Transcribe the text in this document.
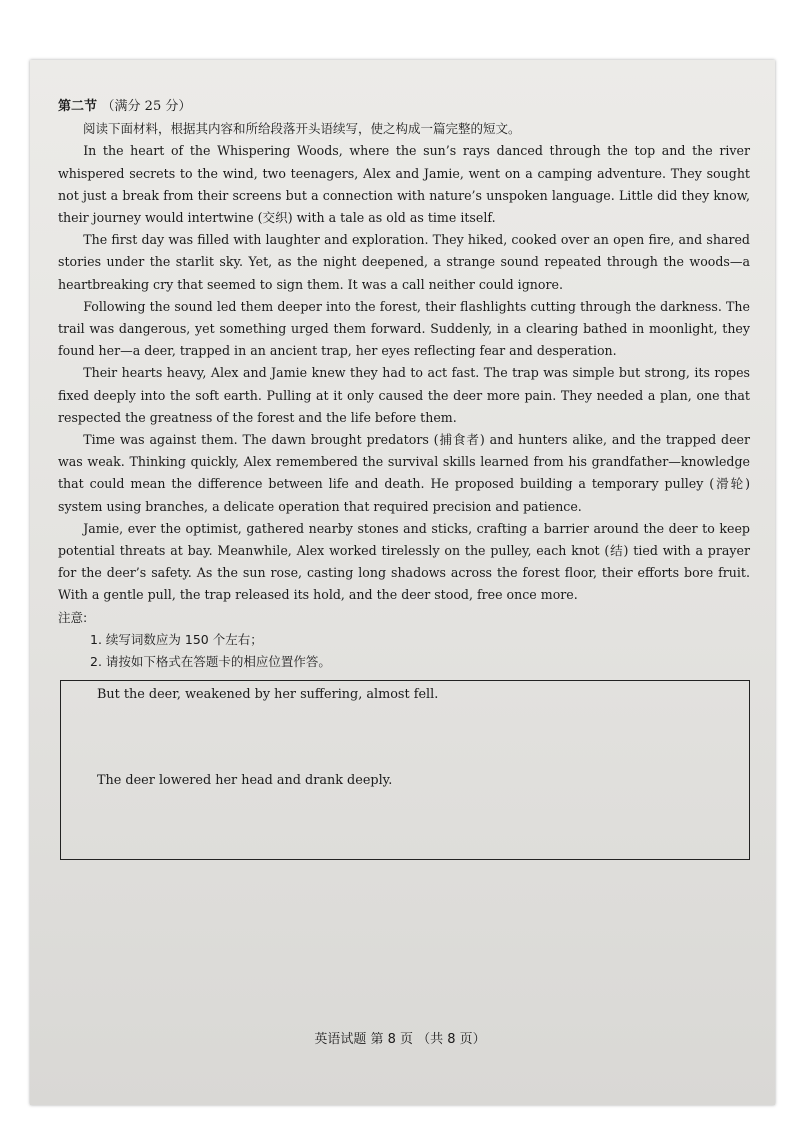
第二节 （满分 25 分）

阅读下面材料，根据其内容和所给段落开头语续写，使之构成一篇完整的短文。

In the heart of the Whispering Woods, where the sun’s rays danced through the top and the river whispered secrets to the wind, two teenagers, Alex and Jamie, went on a camping adventure. They sought not just a break from their screens but a connection with nature’s unspoken language. Little did they know, their journey would intertwine (交织) with a tale as old as time itself.

The first day was filled with laughter and exploration. They hiked, cooked over an open fire, and shared stories under the starlit sky. Yet, as the night deepened, a strange sound repeated through the woods—a heartbreaking cry that seemed to sign them. It was a call neither could ignore.

Following the sound led them deeper into the forest, their flashlights cutting through the darkness. The trail was dangerous, yet something urged them forward. Suddenly, in a clearing bathed in moonlight, they found her—a deer, trapped in an ancient trap, her eyes reflecting fear and desperation.

Their hearts heavy, Alex and Jamie knew they had to act fast. The trap was simple but strong, its ropes fixed deeply into the soft earth. Pulling at it only caused the deer more pain. They needed a plan, one that respected the greatness of the forest and the life before them.

Time was against them. The dawn brought predators (捕食者) and hunters alike, and the trapped deer was weak. Thinking quickly, Alex remembered the survival skills learned from his grandfather—knowledge that could mean the difference between life and death. He proposed building a temporary pulley (滑轮) system using branches, a delicate operation that required precision and patience.

Jamie, ever the optimist, gathered nearby stones and sticks, crafting a barrier around the deer to keep potential threats at bay. Meanwhile, Alex worked tirelessly on the pulley, each knot (结) tied with a prayer for the deer’s safety. As the sun rose, casting long shadows across the forest floor, their efforts bore fruit. With a gentle pull, the trap released its hold, and the deer stood, free once more.

注意:

1. 续写词数应为 150 个左右；

2. 请按如下格式在答题卡的相应位置作答。

But the deer, weakened by her suffering, almost fell.
The deer lowered her head and drank deeply.
英语试题 第 8 页 （共 8 页）
